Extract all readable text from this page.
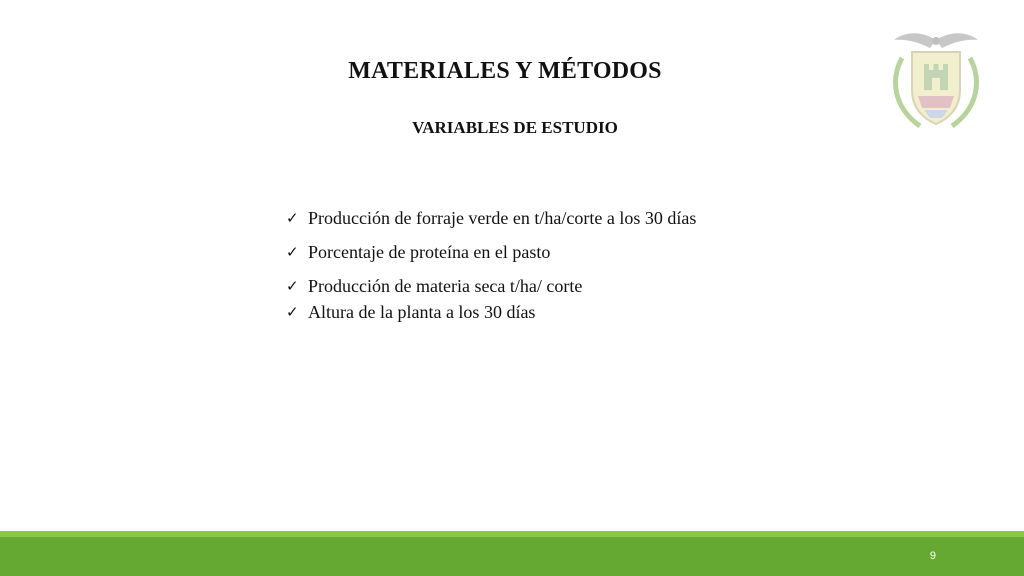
MATERIALES Y MÉTODOS
VARIABLES DE ESTUDIO
✓ Producción de forraje verde en t/ha/corte a los 30 días
✓ Porcentaje de proteína en el pasto
✓ Producción de materia seca t/ha/ corte
✓ Altura de la planta a los 30 días
9
